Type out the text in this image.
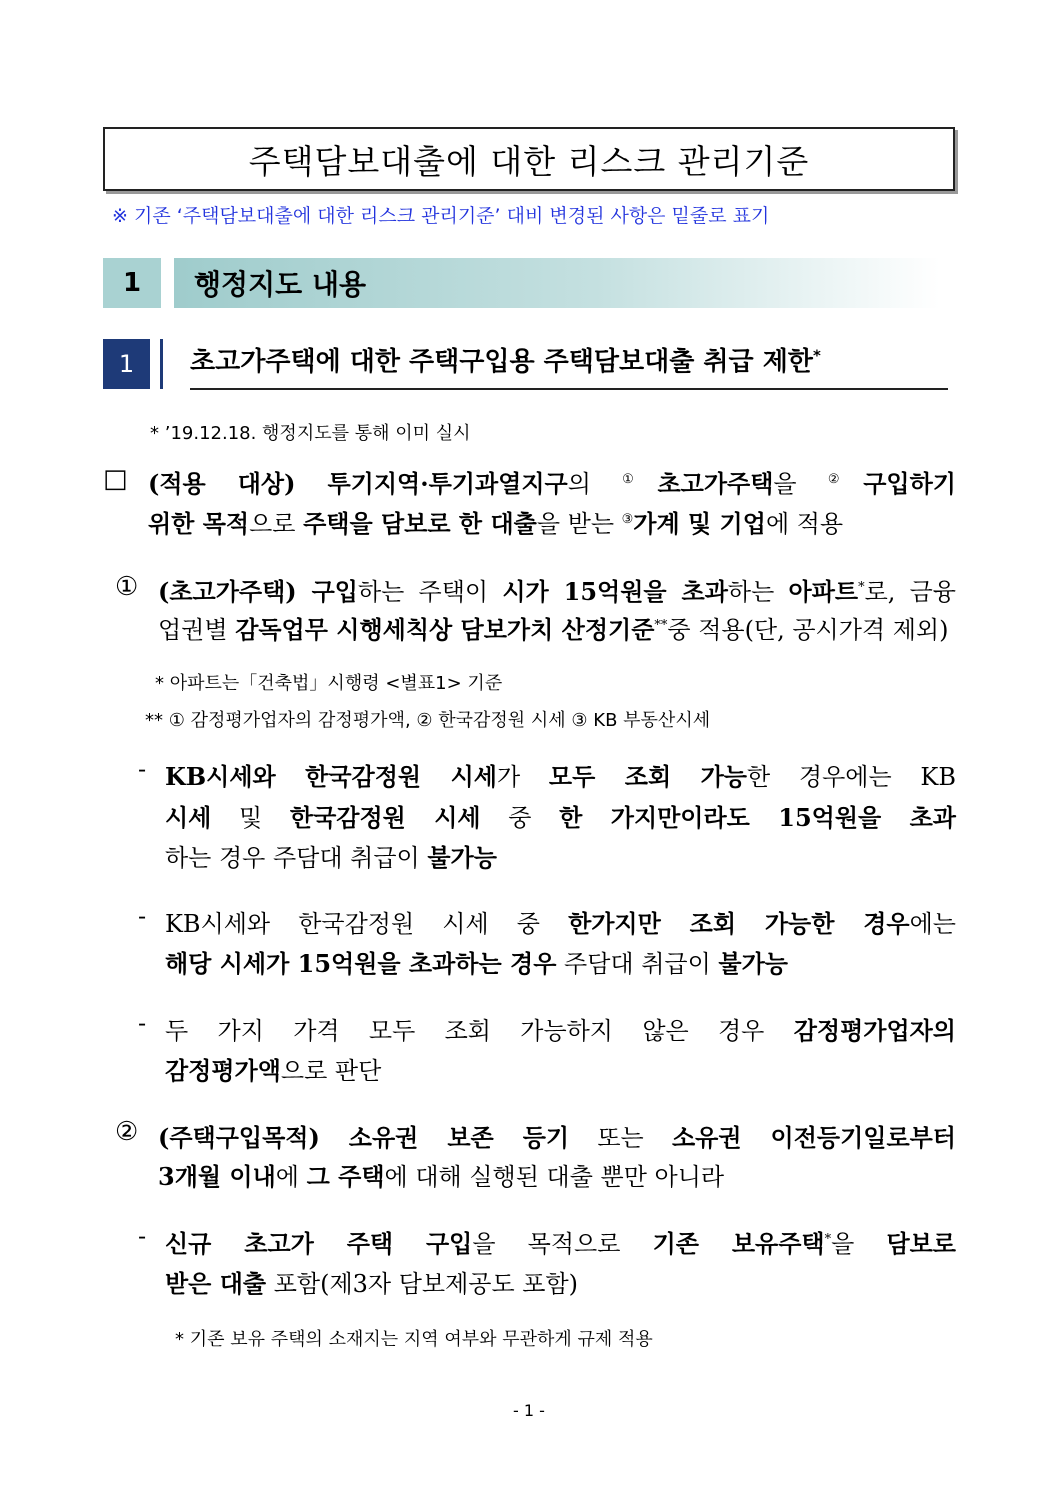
주택담보대출에 대한 리스크 관리기준
※ 기존 ‘주택담보대출에 대한 리스크 관리기준’ 대비 변경된 사항은 밑줄로 표기
1	행정지도 내용
1	초고가주택에 대한 주택구입용 주택담보대출 취급 제한*
* ’19.12.18. 행정지도를 통해 이미 실시
□ (적용 대상) 투기지역·투기과열지구의 ①초고가주택을 ②구입하기
위한 목적으로 주택을 담보로 한 대출을 받는 ③가계 및 기업에 적용
① (초고가주택) 구입하는 주택이 시가 15억원을 초과하는 아파트*로, 금융
업권별 감독업무 시행세칙상 담보가치 산정기준**중 적용(단, 공시가격 제외)
* 아파트는「건축법」시행령 <별표1> 기준
** ① 감정평가업자의 감정평가액, ② 한국감정원 시세 ③ KB 부동산시세
- KB시세와 한국감정원 시세가 모두 조회 가능한 경우에는 KB
시세 및 한국감정원 시세 중 한 가지만이라도 15억원을 초과
하는 경우 주담대 취급이 불가능
- KB시세와 한국감정원 시세 중 한가지만 조회 가능한 경우에는
해당 시세가 15억원을 초과하는 경우 주담대 취급이 불가능
- 두 가지 가격 모두 조회 가능하지 않은 경우 감정평가업자의
감정평가액으로 판단
② (주택구입목적) 소유권 보존 등기 또는 소유권 이전등기일로부터
3개월 이내에 그 주택에 대해 실행된 대출 뿐만 아니라
- 신규 초고가 주택 구입을 목적으로 기존 보유주택*을 담보로
받은 대출 포함(제3자 담보제공도 포함)
* 기존 보유 주택의 소재지는 지역 여부와 무관하게 규제 적용
- 1 -
